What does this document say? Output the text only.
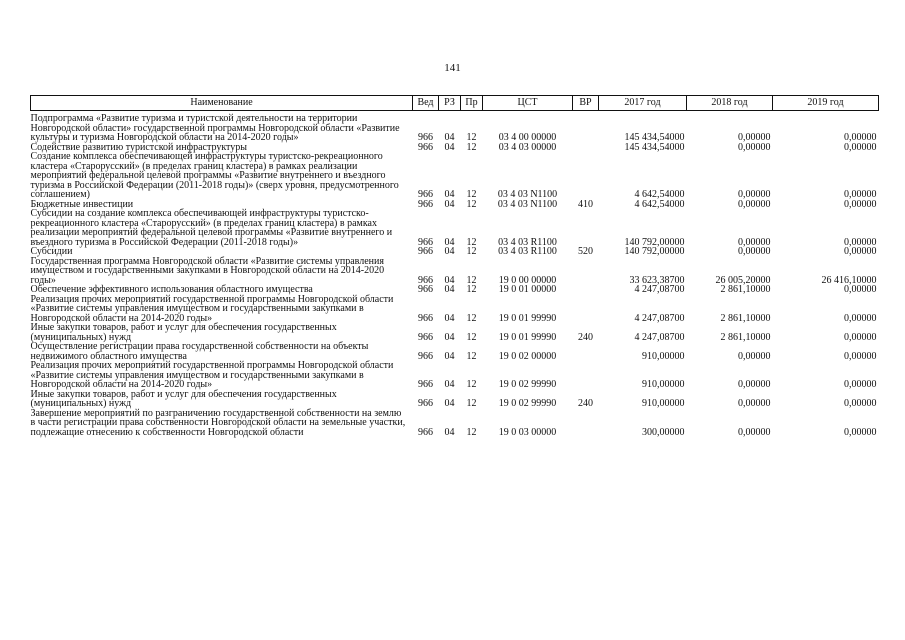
141
Наименование	Вед	РЗ	Пр	ЦСТ	ВР	2017 год	2018 год	2019 год
Подпрограмма «Развитие туризма и туристской деятельности на территории Новгородской области» государственной программы Новгородской области «Развитие культуры и туризма Новгородской области на 2014-2020 годы»	966	04	12	03 4 00 00000		145 434,54000	0,00000	0,00000
Содействие развитию туристской инфраструктуры	966	04	12	03 4 03 00000		145 434,54000	0,00000	0,00000
Создание комплекса обеспечивающей инфраструктуры туристско-рекреационного кластера «Старорусский» (в пределах границ кластера) в рамках реализации мероприятий федеральной целевой программы «Развитие внутреннего и въездного туризма в Российской Федерации (2011-2018 годы)» (сверх уровня, предусмотренного соглашением)	966	04	12	03 4 03 N1100		4 642,54000	0,00000	0,00000
Бюджетные инвестиции	966	04	12	03 4 03 N1100	410	4 642,54000	0,00000	0,00000
Субсидии на создание комплекса обеспечивающей инфраструктуры туристско-рекреационного кластера «Старорусский» (в пределах границ кластера) в рамках реализации мероприятий федеральной целевой программы «Развитие внутреннего и въездного туризма в Российской Федерации (2011-2018 годы)»	966	04	12	03 4 03 R1100		140 792,00000	0,00000	0,00000
Субсидии	966	04	12	03 4 03 R1100	520	140 792,00000	0,00000	0,00000
Государственная программа Новгородской области «Развитие системы управления имуществом и государственными закупками в Новгородской области на 2014-2020 годы»	966	04	12	19 0 00 00000		33 623,38700	26 005,20000	26 416,10000
Обеспечение эффективного использования областного имущества	966	04	12	19 0 01 00000		4 247,08700	2 861,10000	0,00000
Реализация прочих мероприятий государственной программы Новгородской области «Развитие системы управления имуществом и государственными закупками в Новгородской области на 2014-2020 годы»	966	04	12	19 0 01 99990		4 247,08700	2 861,10000	0,00000
Иные закупки товаров, работ и услуг для обеспечения государственных (муниципальных) нужд	966	04	12	19 0 01 99990	240	4 247,08700	2 861,10000	0,00000
Осуществление регистрации права государственной собственности на объекты недвижимого областного имущества	966	04	12	19 0 02 00000		910,00000	0,00000	0,00000
Реализация прочих мероприятий государственной программы Новгородской области «Развитие системы управления имуществом и государственными закупками в Новгородской области на 2014-2020 годы»	966	04	12	19 0 02 99990		910,00000	0,00000	0,00000
Иные закупки товаров, работ и услуг для обеспечения государственных (муниципальных) нужд	966	04	12	19 0 02 99990	240	910,00000	0,00000	0,00000
Завершение мероприятий по разграничению государственной собственности на землю в части регистрации права собственности Новгородской области на земельные участки, подлежащие отнесению к собственности Новгородской области	966	04	12	19 0 03 00000		300,00000	0,00000	0,00000
